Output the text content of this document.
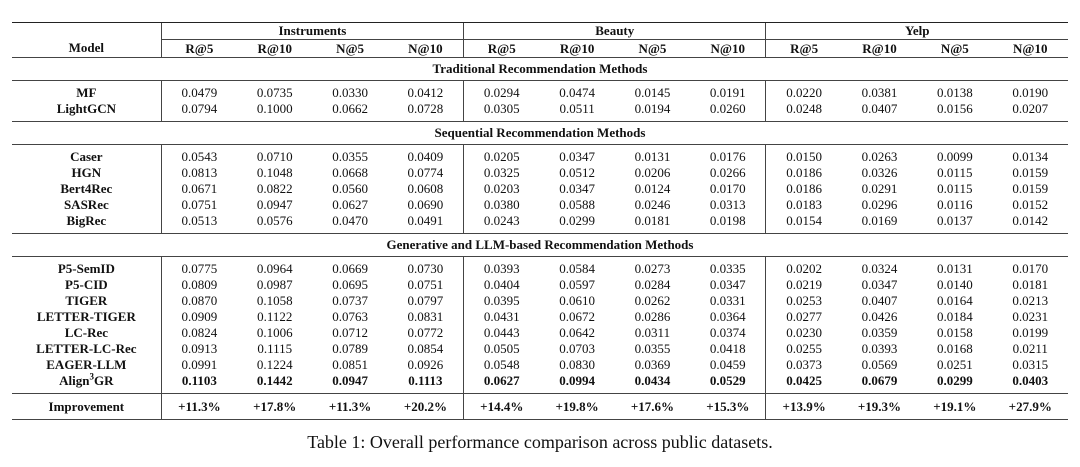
	Instruments				Beauty				Yelp			
Model	R@5	R@10	N@5	N@10	R@5	R@10	N@5	N@10	R@5	R@10	N@5	N@10
Traditional Recommendation Methods												
MF	0.0479	0.0735	0.0330	0.0412	0.0294	0.0474	0.0145	0.0191	0.0220	0.0381	0.0138	0.0190
LightGCN	0.0794	0.1000	0.0662	0.0728	0.0305	0.0511	0.0194	0.0260	0.0248	0.0407	0.0156	0.0207
Sequential Recommendation Methods												
Caser	0.0543	0.0710	0.0355	0.0409	0.0205	0.0347	0.0131	0.0176	0.0150	0.0263	0.0099	0.0134
HGN	0.0813	0.1048	0.0668	0.0774	0.0325	0.0512	0.0206	0.0266	0.0186	0.0326	0.0115	0.0159
Bert4Rec	0.0671	0.0822	0.0560	0.0608	0.0203	0.0347	0.0124	0.0170	0.0186	0.0291	0.0115	0.0159
SASRec	0.0751	0.0947	0.0627	0.0690	0.0380	0.0588	0.0246	0.0313	0.0183	0.0296	0.0116	0.0152
BigRec	0.0513	0.0576	0.0470	0.0491	0.0243	0.0299	0.0181	0.0198	0.0154	0.0169	0.0137	0.0142
Generative and LLM-based Recommendation Methods												
P5-SemID	0.0775	0.0964	0.0669	0.0730	0.0393	0.0584	0.0273	0.0335	0.0202	0.0324	0.0131	0.0170
P5-CID	0.0809	0.0987	0.0695	0.0751	0.0404	0.0597	0.0284	0.0347	0.0219	0.0347	0.0140	0.0181
TIGER	0.0870	0.1058	0.0737	0.0797	0.0395	0.0610	0.0262	0.0331	0.0253	0.0407	0.0164	0.0213
LETTER-TIGER	0.0909	0.1122	0.0763	0.0831	0.0431	0.0672	0.0286	0.0364	0.0277	0.0426	0.0184	0.0231
LC-Rec	0.0824	0.1006	0.0712	0.0772	0.0443	0.0642	0.0311	0.0374	0.0230	0.0359	0.0158	0.0199
LETTER-LC-Rec	0.0913	0.1115	0.0789	0.0854	0.0505	0.0703	0.0355	0.0418	0.0255	0.0393	0.0168	0.0211
EAGER-LLM	0.0991	0.1224	0.0851	0.0926	0.0548	0.0830	0.0369	0.0459	0.0373	0.0569	0.0251	0.0315
Align$^3$GR	0.1103	0.1442	0.0947	0.1113	0.0627	0.0994	0.0434	0.0529	0.0425	0.0679	0.0299	0.0403
Improvement	+11.3%	+17.8%	+11.3%	+20.2%	+14.4%	+19.8%	+17.6%	+15.3%	+13.9%	+19.3%	+19.1%	+27.9%
Table 1: Overall performance comparison across public datasets.
